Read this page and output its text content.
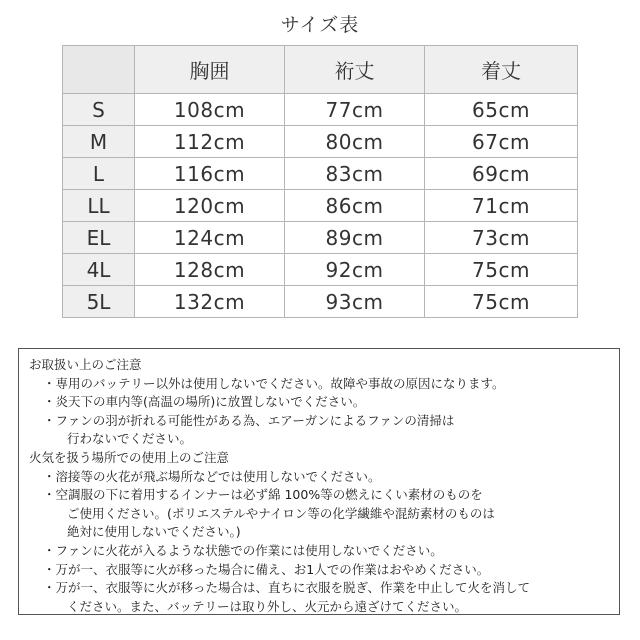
サイズ表
	胸囲	裄丈	着丈
S	108cm	77cm	65cm
M	112cm	80cm	67cm
L	116cm	83cm	69cm
LL	120cm	86cm	71cm
EL	124cm	89cm	73cm
4L	128cm	92cm	75cm
5L	132cm	93cm	75cm

お取扱い上のご注意

・専用のバッテリー以外は使用しないでください。故障や事故の原因になります。

・炎天下の車内等(高温の場所)に放置しないでください。

・ファンの羽が折れる可能性がある為、エアーガンによるファンの清掃は

行わないでください。

火気を扱う場所での使用上のご注意

・溶接等の火花が飛ぶ場所などでは使用しないでください。

・空調服の下に着用するインナーは必ず綿 100%等の燃えにくい素材のものを

ご使用ください。(ポリエステルやナイロン等の化学繊維や混紡素材のものは

絶対に使用しないでください。)

・ファンに火花が入るような状態での作業には使用しないでください。

・万が一、衣服等に火が移った場合に備え、お1人での作業はおやめください。

・万が一、衣服等に火が移った場合は、直ちに衣服を脱ぎ、作業を中止して火を消して

ください。また、バッテリーは取り外し、火元から遠ざけてください。
